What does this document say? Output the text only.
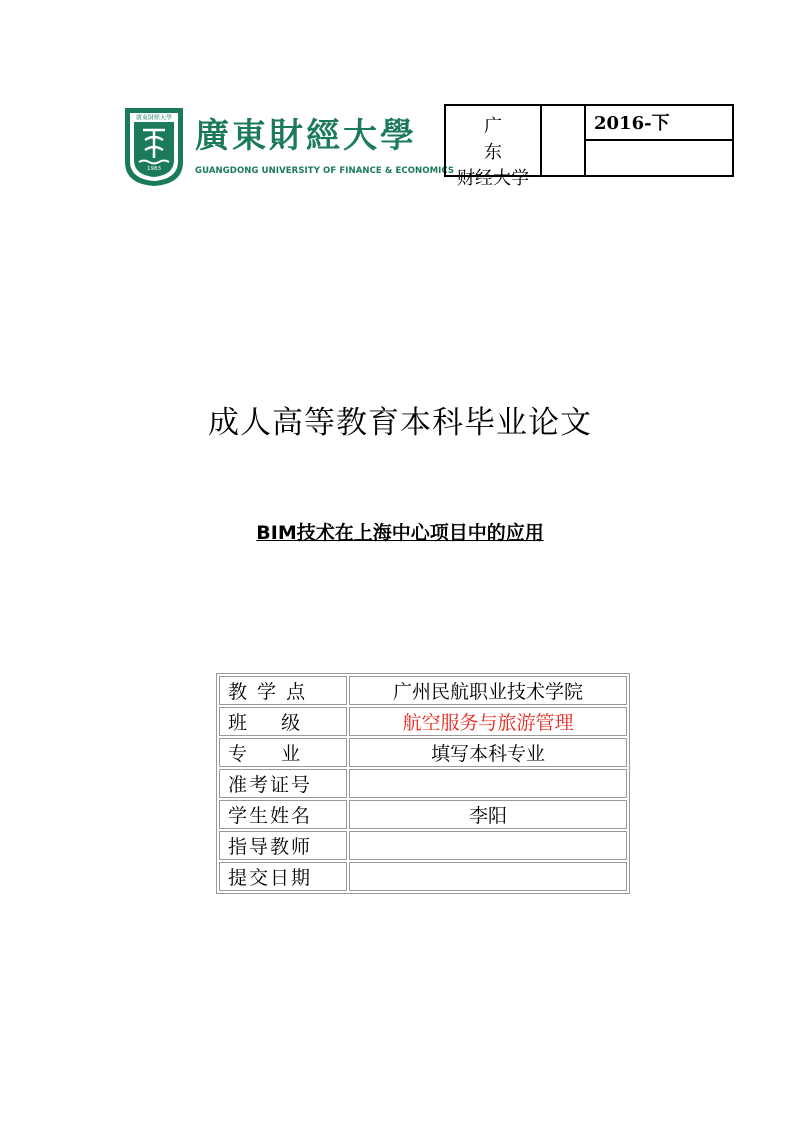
廣東財經大學
1983
廣東財經大學
GUANGDONG UNIVERSITY OF FINANCE & ECONOMICS
广东
财经大学
2016-下
成人高等教育本科毕业论文
BIM技术在上海中心项目中的应用
教 学 点	广州民航职业技术学院
班    级	航空服务与旅游管理
专    业	填写本科专业
准考证号	
学生姓名	李阳
指导教师	
提交日期	
